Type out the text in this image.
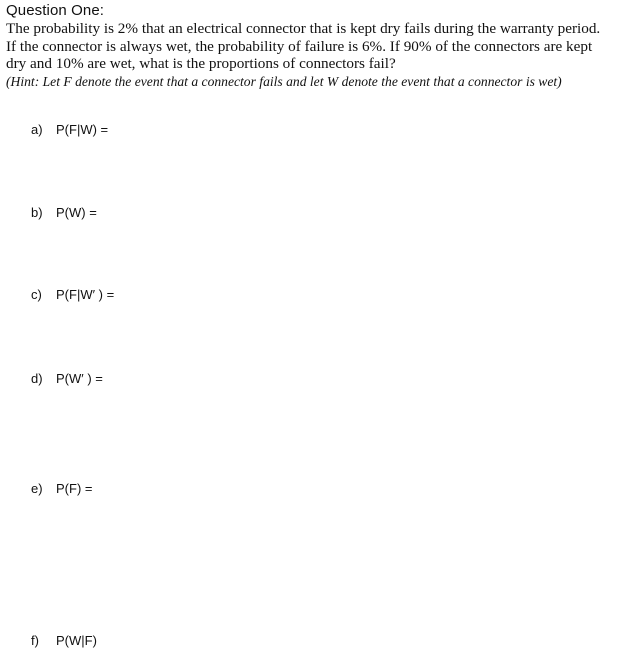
Question One:

The probability is 2% that an electrical connector that is kept dry fails during the warranty period.

If the connector is always wet, the probability of failure is 6%. If 90% of the connectors are kept

dry and 10% are wet, what is the proportions of connectors fail?

(Hint: Let F denote the event that a connector fails and let W denote the event that a connector is wet)

a) P(F|W) =
b) P(W) =
c) P(F|W′ ) =
d) P(W′ ) =
e) P(F) =
f) P(W|F)
